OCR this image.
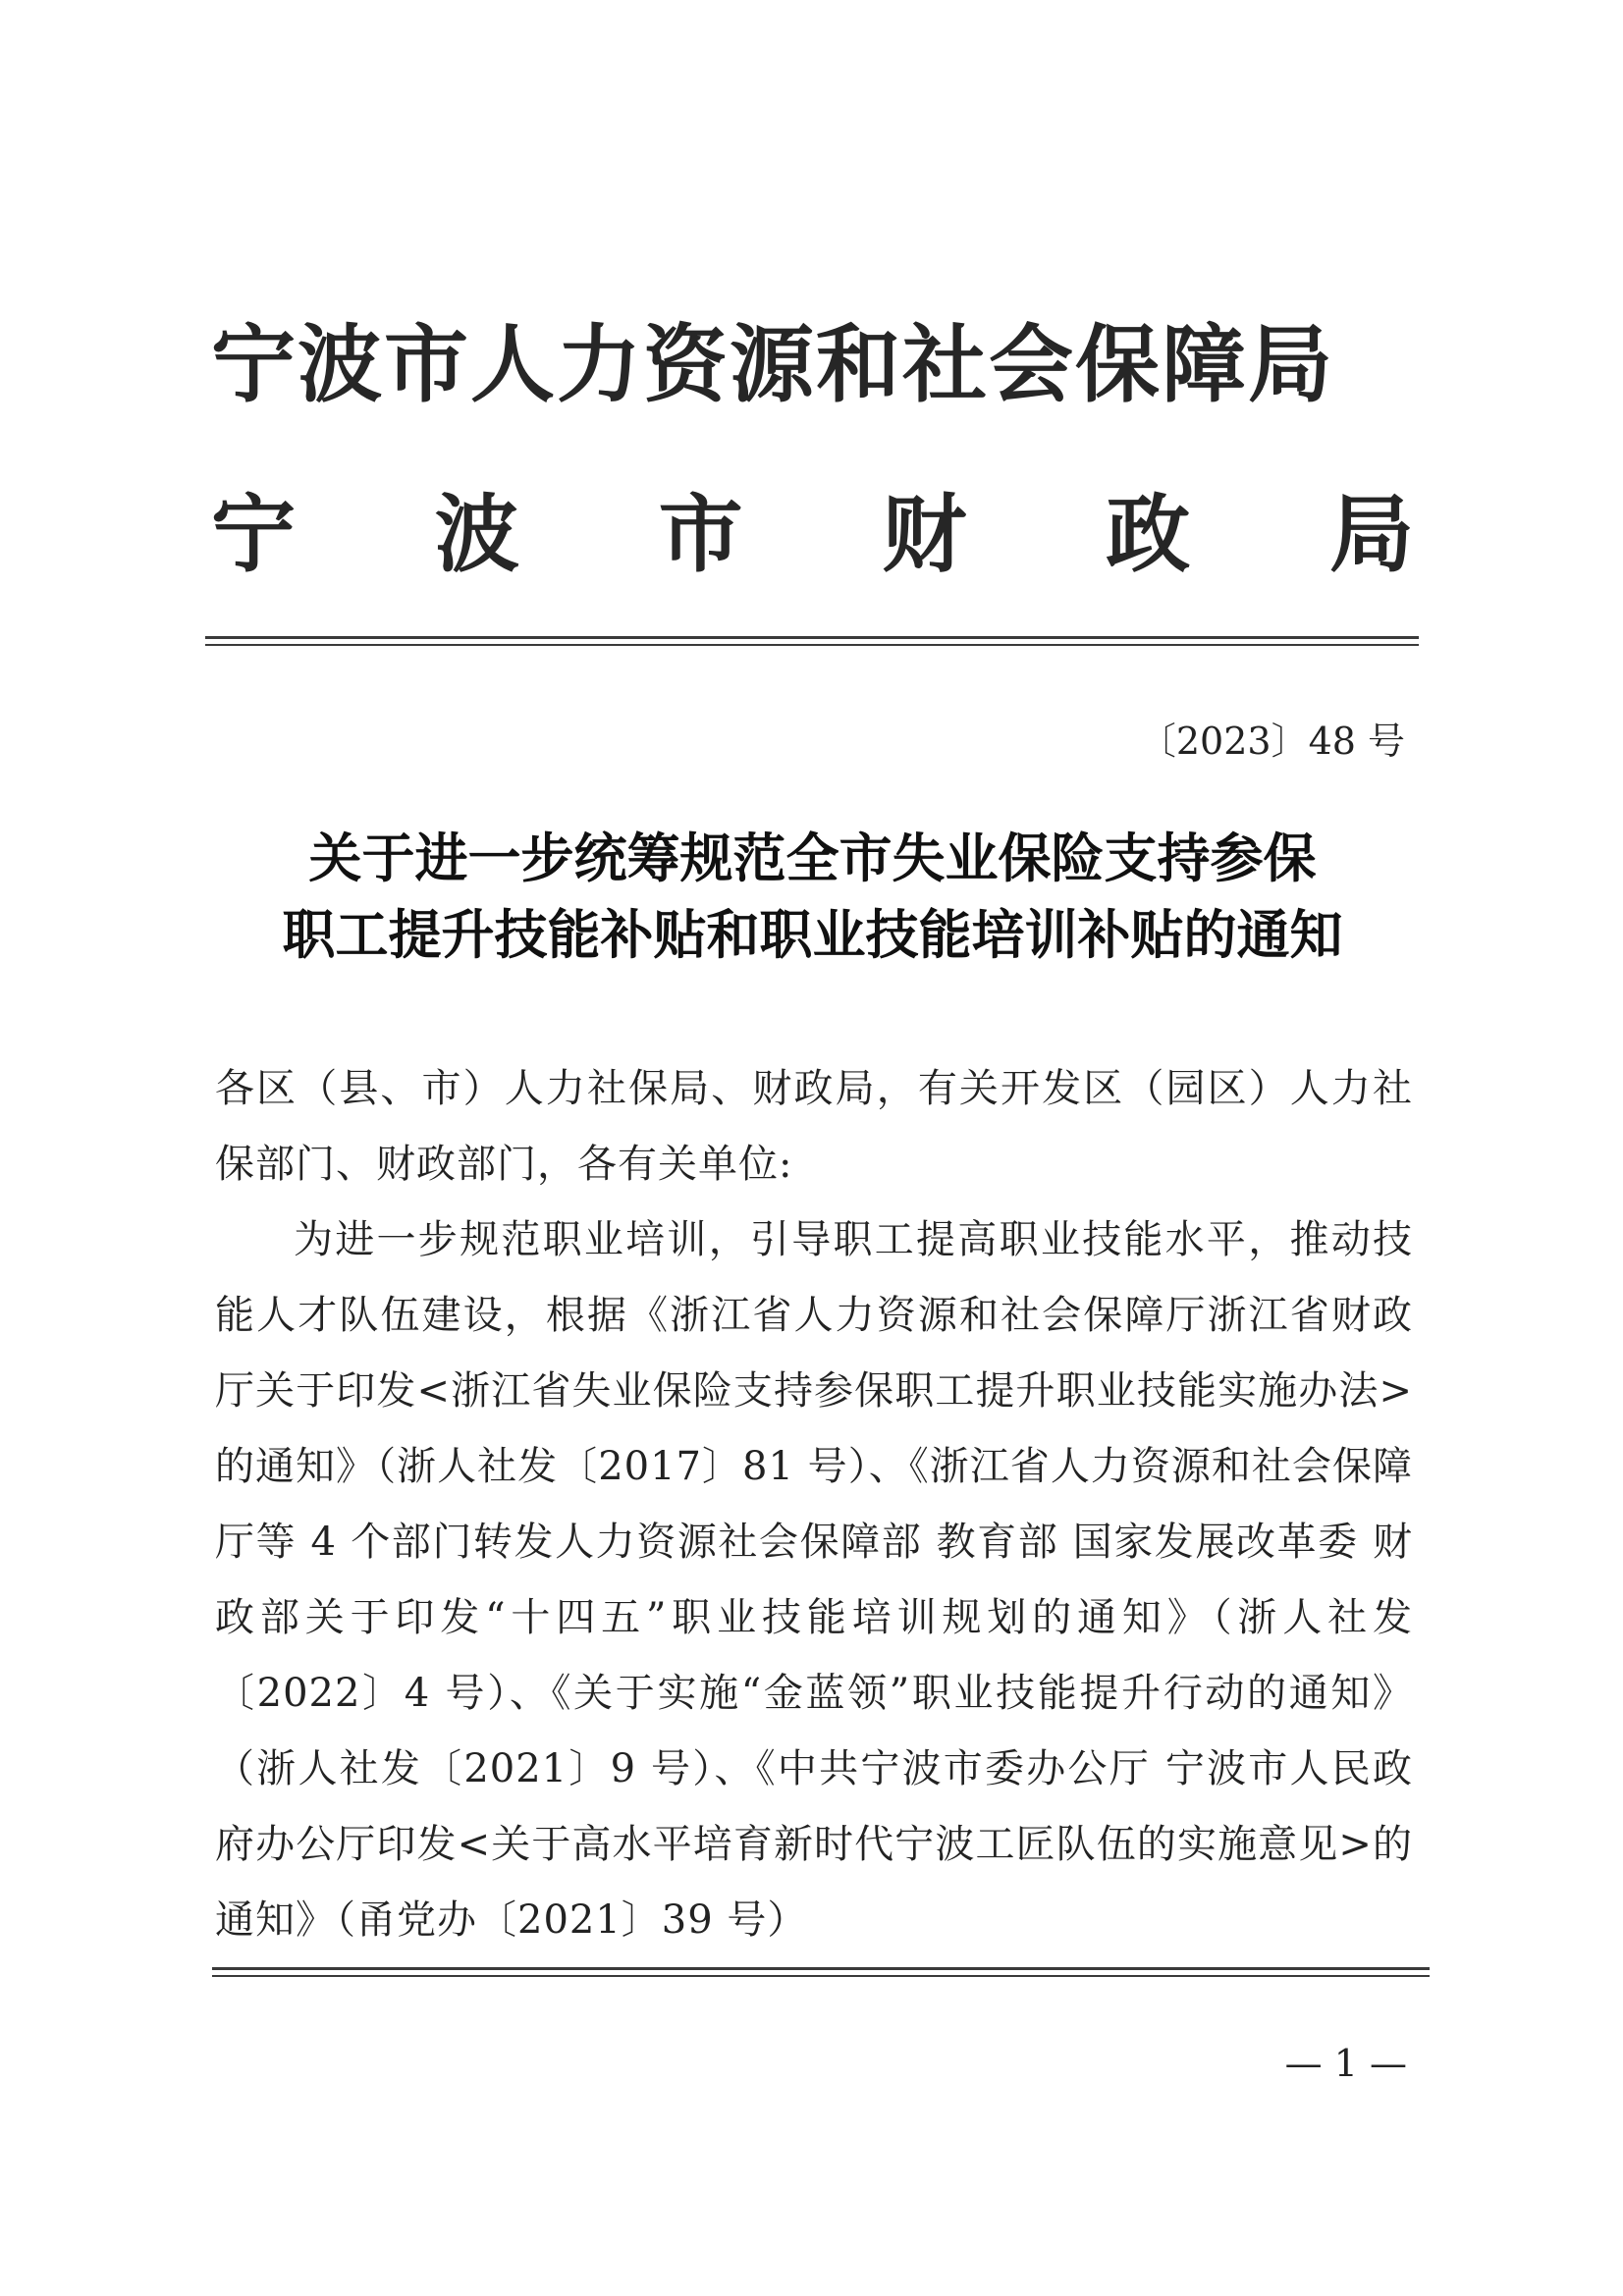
宁波市人力资源和社会保障局
宁 波 市 财 政 局
〔2023〕48 号
关于进一步统筹规范全市失业保险支持参保
职工提升技能补贴和职业技能培训补贴的通知

各区（县、市）人力社保局、财政局，有关开发区（园区）人力社保部门、财政部门，各有关单位:

为进一步规范职业培训，引导职工提高职业技能水平，推动技能人才队伍建设，根据《浙江省人力资源和社会保障厅浙江省财政厅关于印发<浙江省失业保险支持参保职工提升职业技能实施办法>的通知》（浙人社发〔2017〕81 号）、《浙江省人力资源和社会保障厅等 4 个部门转发人力资源社会保障部 教育部 国家发展改革委 财政部关于印发“十四五”职业技能培训规划的通知》（浙人社发〔2022〕4 号）、《关于实施“金蓝领”职业技能提升行动的通知》（浙人社发〔2021〕9 号）、《中共宁波市委办公厅 宁波市人民政府办公厅印发<关于高水平培育新时代宁波工匠队伍的实施意见>的通知》（甬党办〔2021〕39 号）

— 1 —
